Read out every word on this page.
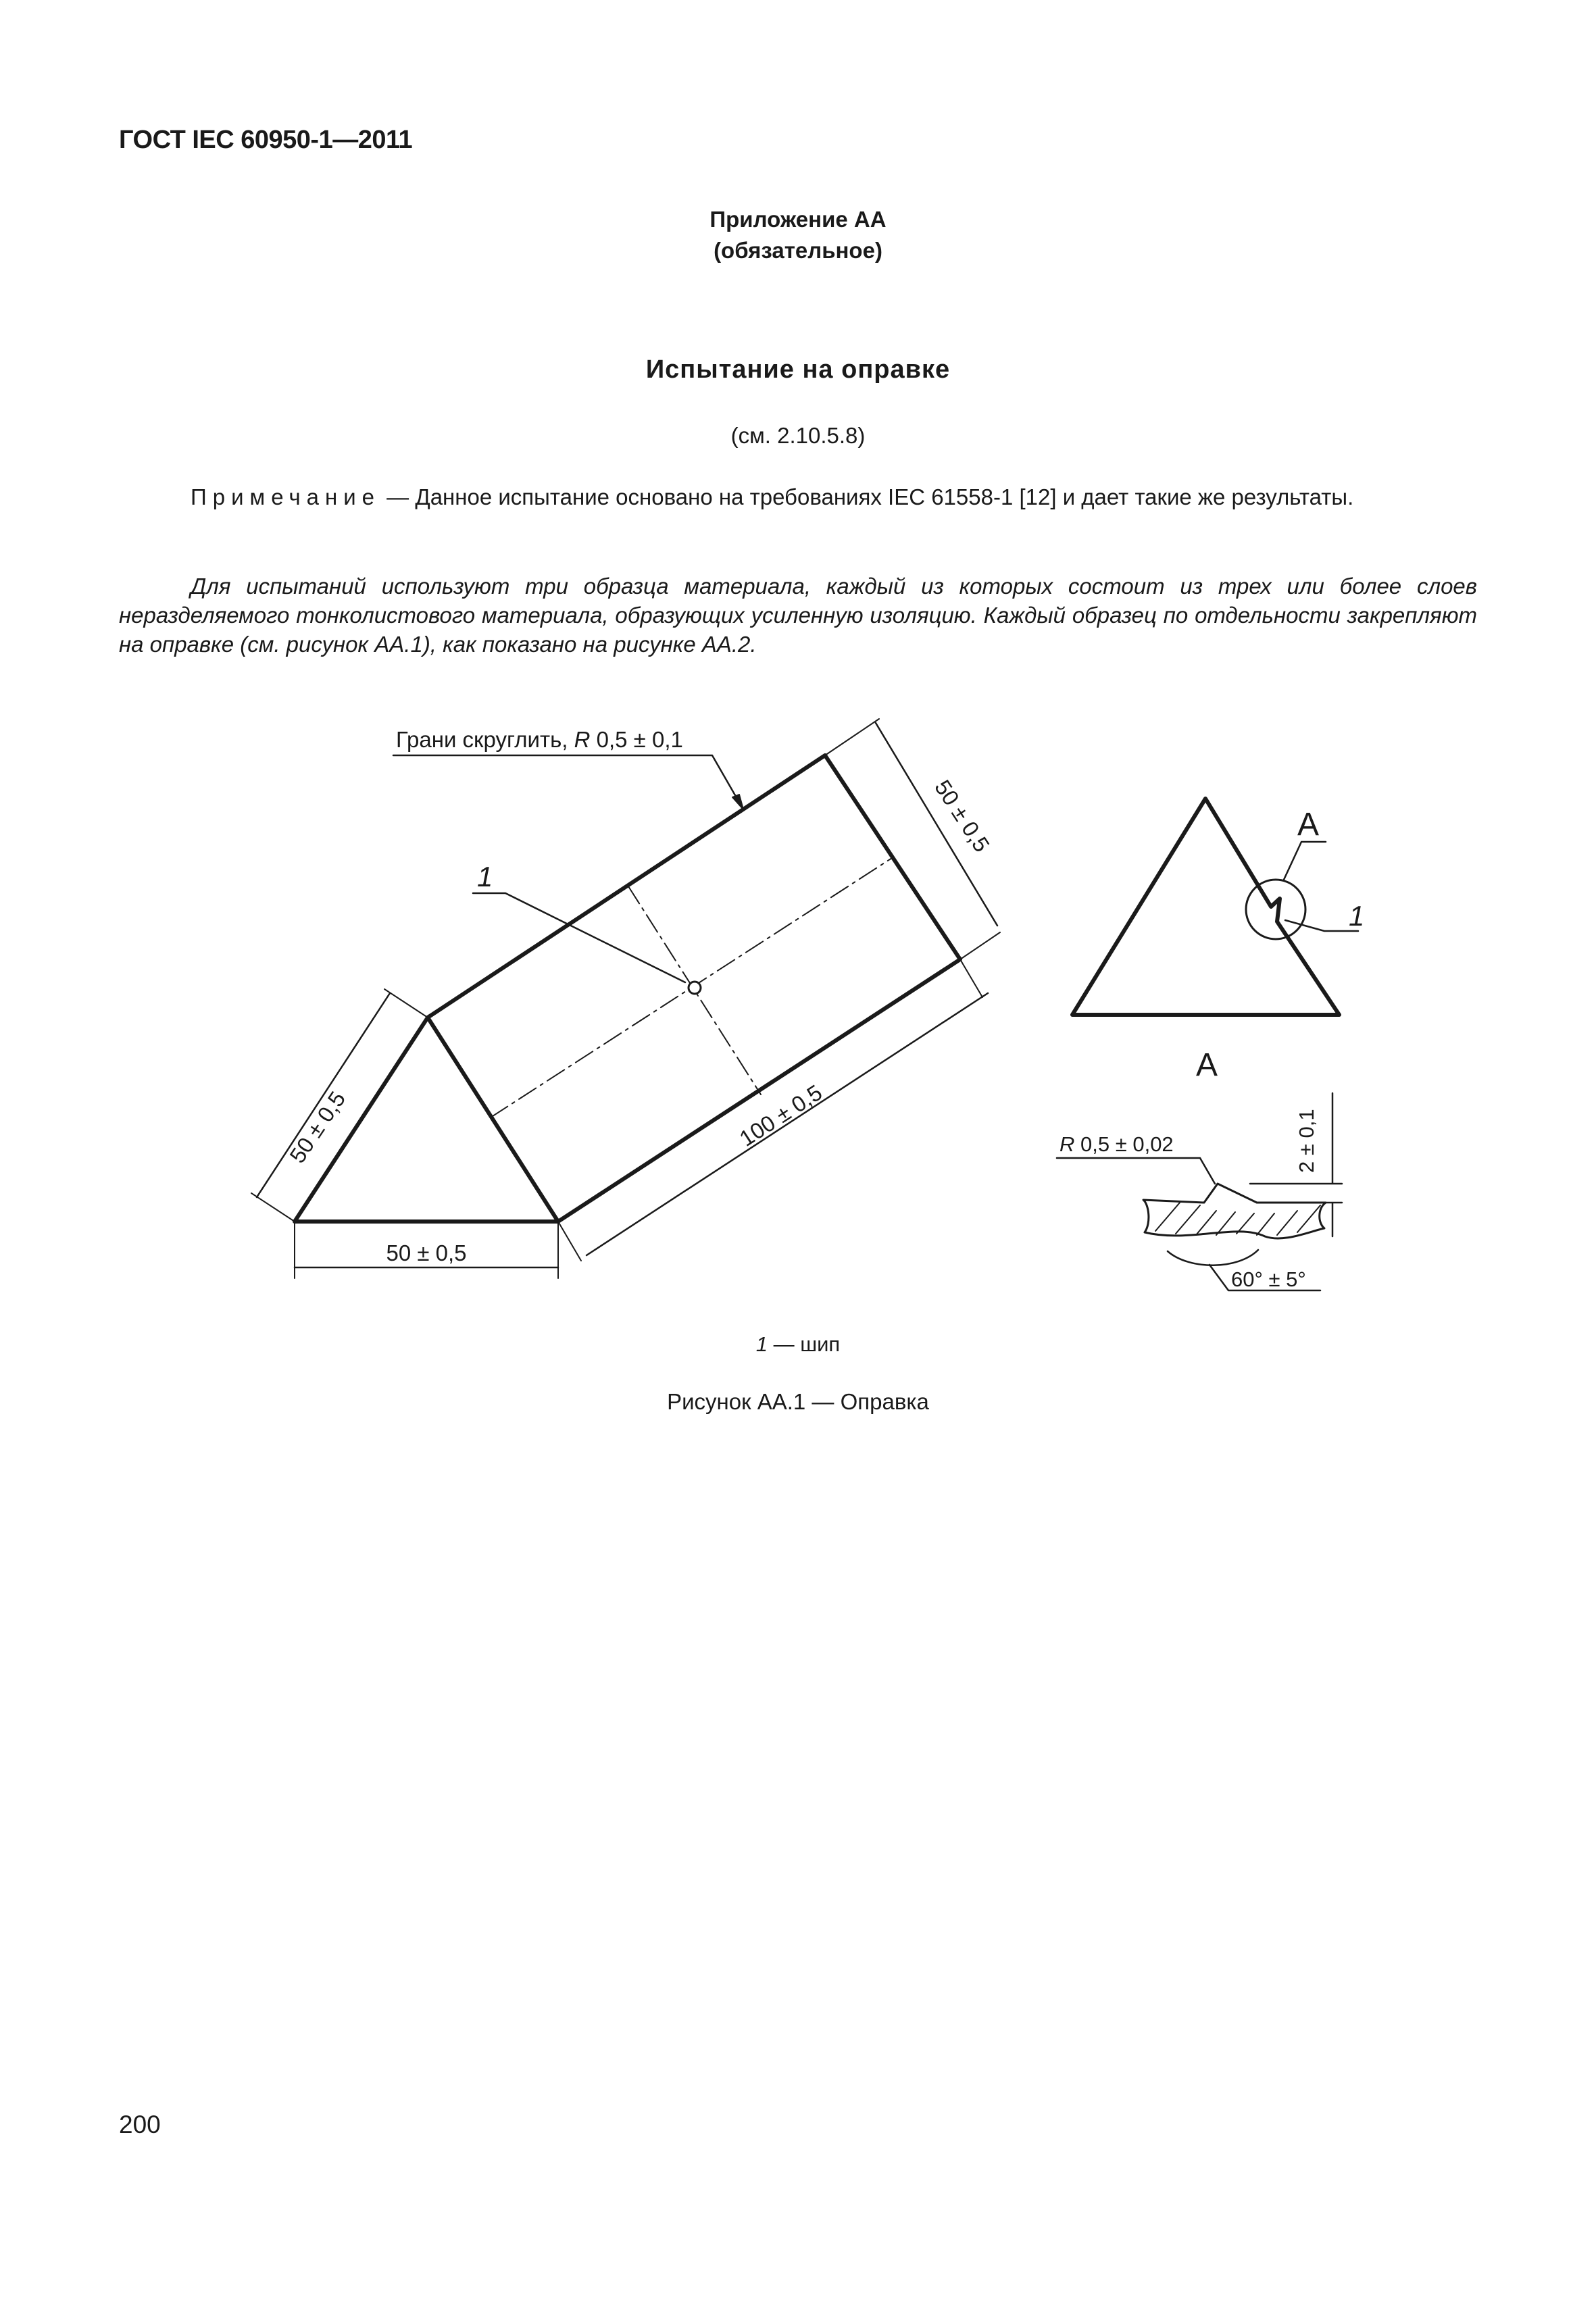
ГОСТ IEC 60950-1—2011
Приложение АА
(обязательное)
Испытание на оправке
(см. 2.10.5.8)
Примечание — Данное испытание основано на требованиях IEC 61558-1 [12] и дает такие же результаты.
Для испытаний используют три образца материала, каждый из которых состоит из трех или более слоев неразделяемого тонколистового материала, образующих усиленную изоляцию. Каждый образец по отдельности закрепляют на оправке (см. рисунок АА.1), как показано на рисунке АА.2.
Грани скруглить, R 0,5 ± 0,1
1
50 ± 0,5
50 ± 0,5
100 ± 0,5
50 ± 0,5	А
1
А
R 0,5 ± 0,02	2 ± 0,1
60° ± 5°
1 — шип
Рисунок АА.1 — Оправка
200
